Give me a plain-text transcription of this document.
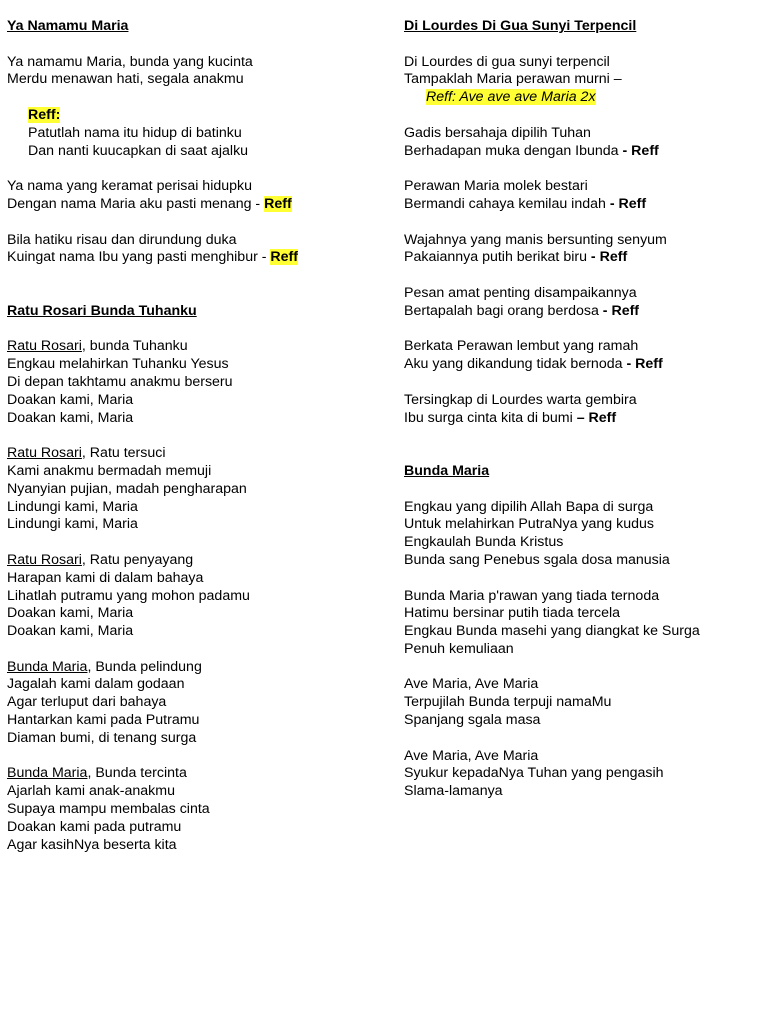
Ya Namamu Maria
Ya namamu Maria, bunda yang kucinta
Merdu menawan hati, segala anakmu
Reff:
Patutlah nama itu hidup di batinku
Dan nanti kuucapkan di saat ajalku
Ya nama yang keramat perisai hidupku
Dengan nama Maria aku pasti menang - Reff
Bila hatiku risau dan dirundung duka
Kuingat nama Ibu yang pasti menghibur - Reff
Ratu Rosari Bunda Tuhanku
Ratu Rosari, bunda Tuhanku
Engkau melahirkan Tuhanku Yesus
Di depan takhtamu anakmu berseru
Doakan kami, Maria
Doakan kami, Maria
Ratu Rosari, Ratu tersuci
Kami anakmu bermadah memuji
Nyanyian pujian, madah pengharapan
Lindungi kami, Maria
Lindungi kami, Maria
Ratu Rosari, Ratu penyayang
Harapan kami di dalam bahaya
Lihatlah putramu yang mohon padamu
Doakan kami, Maria
Doakan kami, Maria
Bunda Maria, Bunda pelindung
Jagalah kami dalam godaan
Agar terluput dari bahaya
Hantarkan kami pada Putramu
Diaman bumi, di tenang surga
Bunda Maria, Bunda tercinta
Ajarlah kami anak-anakmu
Supaya mampu membalas cinta
Doakan kami pada putramu
Agar kasihNya beserta kita
Di Lourdes Di Gua Sunyi Terpencil
Di Lourdes di gua sunyi terpencil
Tampaklah Maria perawan murni –
Reff: Ave ave ave Maria 2x
Gadis bersahaja dipilih Tuhan
Berhadapan muka dengan Ibunda - Reff
Perawan Maria molek bestari
Bermandi cahaya kemilau indah - Reff
Wajahnya yang manis bersunting senyum
Pakaiannya putih berikat biru - Reff
Pesan amat penting disampaikannya
Bertapalah bagi orang berdosa - Reff
Berkata Perawan lembut yang ramah
Aku yang dikandung tidak bernoda - Reff
Tersingkap di Lourdes warta gembira
Ibu surga cinta kita di bumi – Reff
Bunda Maria
Engkau yang dipilih Allah Bapa di surga
Untuk melahirkan PutraNya yang kudus
Engkaulah Bunda Kristus
Bunda sang Penebus sgala dosa manusia
Bunda Maria p'rawan yang tiada ternoda
Hatimu bersinar putih tiada tercela
Engkau Bunda masehi yang diangkat ke Surga
Penuh kemuliaan
Ave Maria, Ave Maria
Terpujilah Bunda terpuji namaMu
Spanjang sgala masa
Ave Maria, Ave Maria
Syukur kepadaNya Tuhan yang pengasih
Slama-lamanya
